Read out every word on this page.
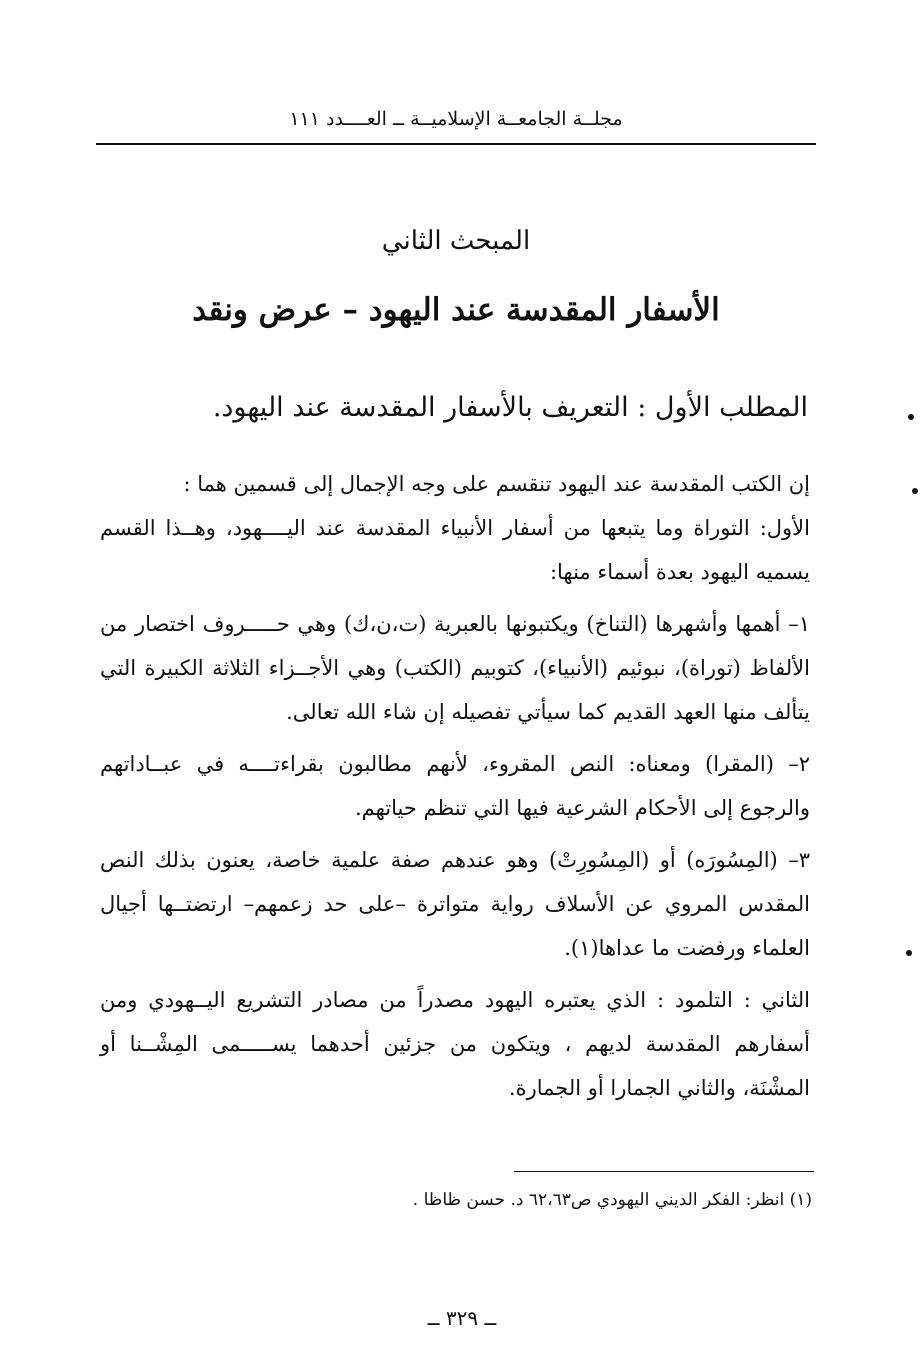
مجلــة الجامعــة الإسلاميــة ــ العــــدد ١١١
المبحث الثاني
الأسفار المقدسة عند اليهود – عرض ونقد
المطلب الأول : التعريف بالأسفار المقدسة عند اليهود.

إن الكتب المقدسة عند اليهود تنقسم على وجه الإجمال إلى قسمين هما :

الأول: التوراة وما يتبعها من أسفار الأنبياء المقدسة عند اليــــهود، وهــذا القسم يسميه اليهود بعدة أسماء منها:

١– أهمها وأشهرها (التناخ) ويكتبونها بالعبرية (ت،ن،ك) وهي حـــــروف اختصار من الألفاظ (توراة)، نبوئيم (الأنبياء)، كتوبيم (الكتب) وهي الأجــزاء الثلاثة الكبيرة التي يتألف منها العهد القديم كما سيأتي تفصيله إن شاء الله تعالى.

٢– (المقرا) ومعناه: النص المقروء، لأنهم مطالبون بقراءتــــه في عبــاداتهم والرجوع إلى الأحكام الشرعية فيها التي تنظم حياتهم.

٣– (المِسُورَه) أو (المِسُورِتْ) وهو عندهم صفة علمية خاصة، يعنون بذلك النص المقدس المروي عن الأسلاف رواية متواترة –على حد زعمهم– ارتضتــها أجيال العلماء ورفضت ما عداها(١).

الثاني : التلمود : الذي يعتبره اليهود مصدراً من مصادر التشريع اليــهودي ومن أسفارهم المقدسة لديهم ، ويتكون من جزئين أحدهما يســـــمى المِشْــنا أو المشْنَة، والثاني الجمارا أو الجمارة.

(١) انظر: الفكر الديني اليهودي ص٦٢،٦٣ د. حسن ظاظا .
ــ ٣٢٩ ــ
